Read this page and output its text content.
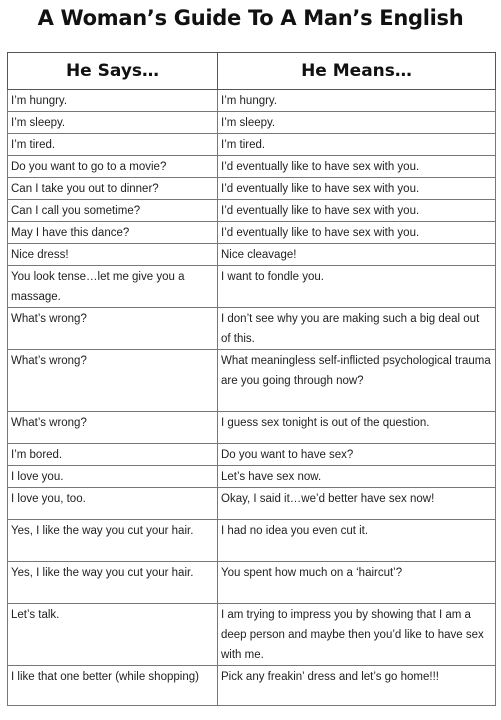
A Woman’s Guide To A Man’s English
He Says…	He Means…
I’m hungry.	I’m hungry.
I’m sleepy.	I’m sleepy.
I’m tired.	I’m tired.
Do you want to go to a movie?	I’d eventually like to have sex with you.
Can I take you out to dinner?	I’d eventually like to have sex with you.
Can I call you sometime?	I’d eventually like to have sex with you.
May I have this dance?	I’d eventually like to have sex with you.
Nice dress!	Nice cleavage!
You look tense…let me give you a massage.	I want to fondle you.
What’s wrong?	I don’t see why you are making such a big deal out of this.
What’s wrong?	What meaningless self-inflicted psychological trauma are you going through now?
What’s wrong?	I guess sex tonight is out of the question.
I’m bored.	Do you want to have sex?
I love you.	Let’s have sex now.
I love you, too.	Okay, I said it…we’d better have sex now!
Yes, I like the way you cut your hair.	I had no idea you even cut it.
Yes, I like the way you cut your hair.	You spent how much on a ‘haircut’?
Let’s talk.	I am trying to impress you by showing that I am a deep person and maybe then you’d like to have sex with me.
I like that one better (while shopping)	Pick any freakin’ dress and let’s go home!!!
